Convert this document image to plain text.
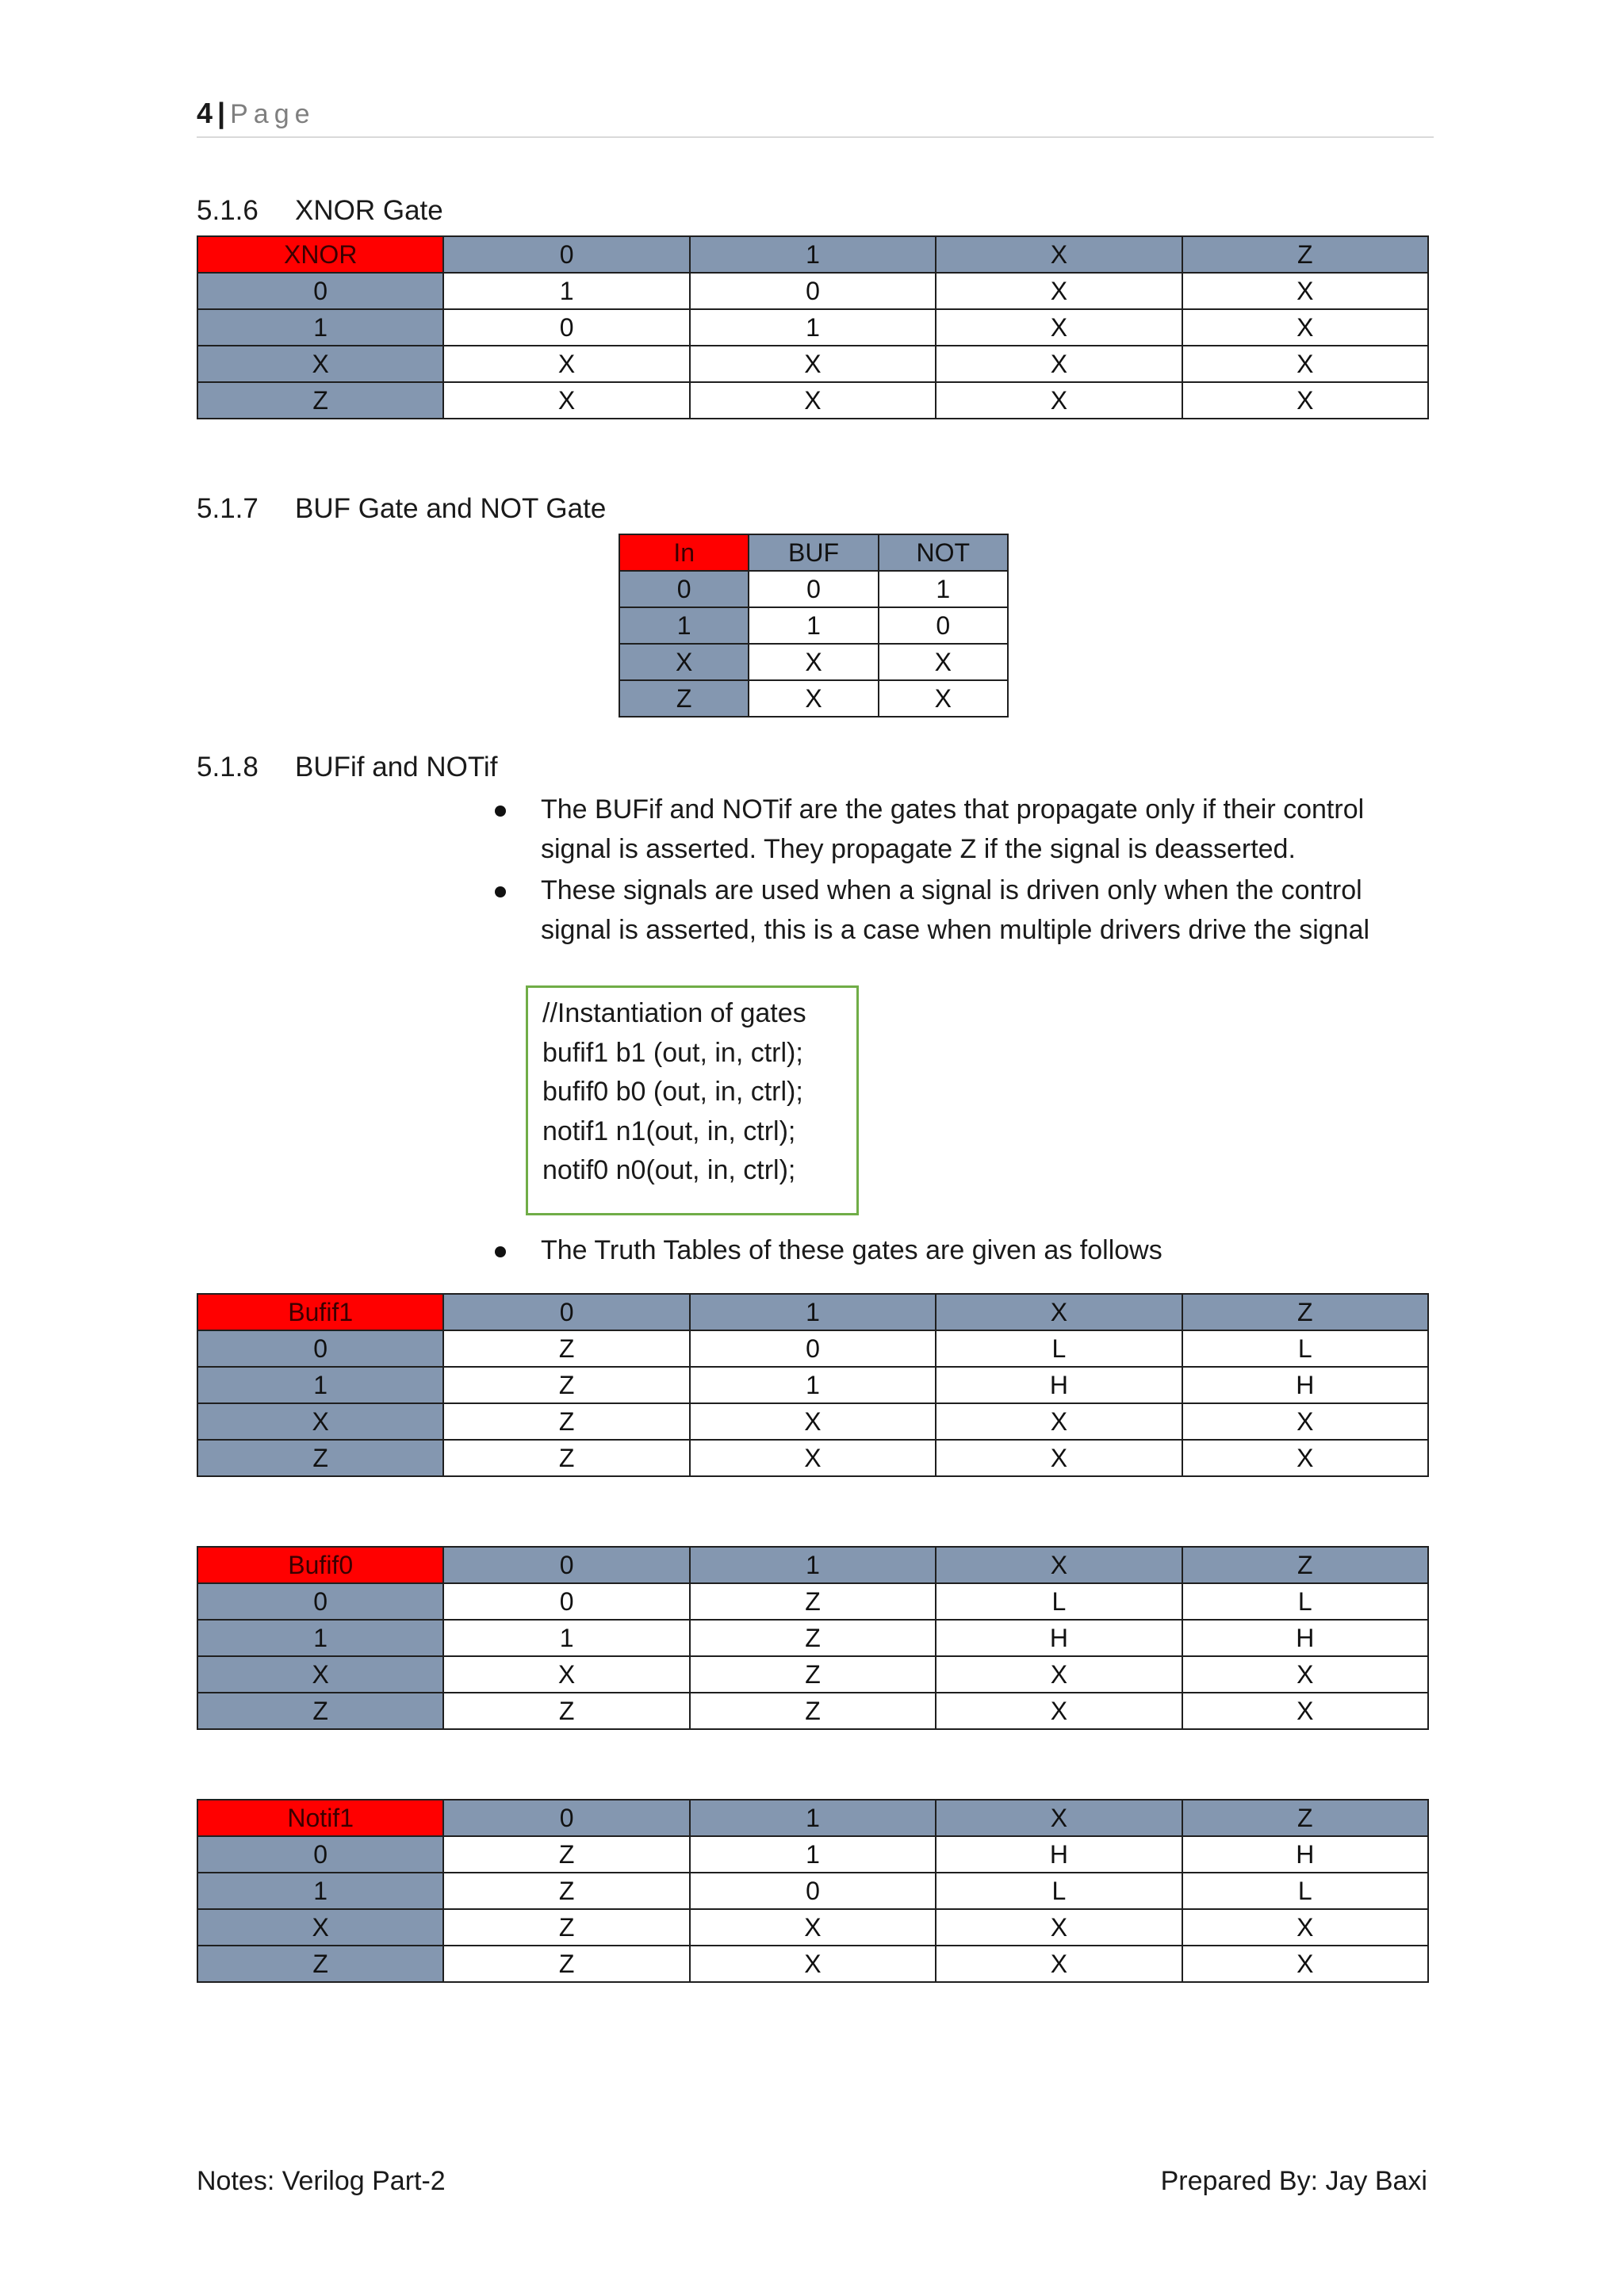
4 | Page
5.1.6 XNOR Gate
XNOR	0	1	X	Z
0	1	0	X	X
1	0	1	X	X
X	X	X	X	X
Z	X	X	X	X
5.1.7 BUF Gate and NOT Gate
In	BUF	NOT
0	0	1
1	1	0
X	X	X
Z	X	X
5.1.8 BUFif and NOTif
The BUFif and NOTif are the gates that propagate only if their control signal is asserted. They propagate Z if the signal is deasserted.
These signals are used when a signal is driven only when the control signal is asserted, this is a case when multiple drivers drive the signal
//Instantiation of gates
bufif1 b1 (out, in, ctrl);
bufif0 b0 (out, in, ctrl);
notif1 n1(out, in, ctrl);
notif0 n0(out, in, ctrl);
The Truth Tables of these gates are given as follows
Bufif1	0	1	X	Z
0	Z	0	L	L
1	Z	1	H	H
X	Z	X	X	X
Z	Z	X	X	X
Bufif0	0	1	X	Z
0	0	Z	L	L
1	1	Z	H	H
X	X	Z	X	X
Z	Z	Z	X	X
Notif1	0	1	X	Z
0	Z	1	H	H
1	Z	0	L	L
X	Z	X	X	X
Z	Z	X	X	X
Notes: Verilog Part-2	Prepared By: Jay Baxi
